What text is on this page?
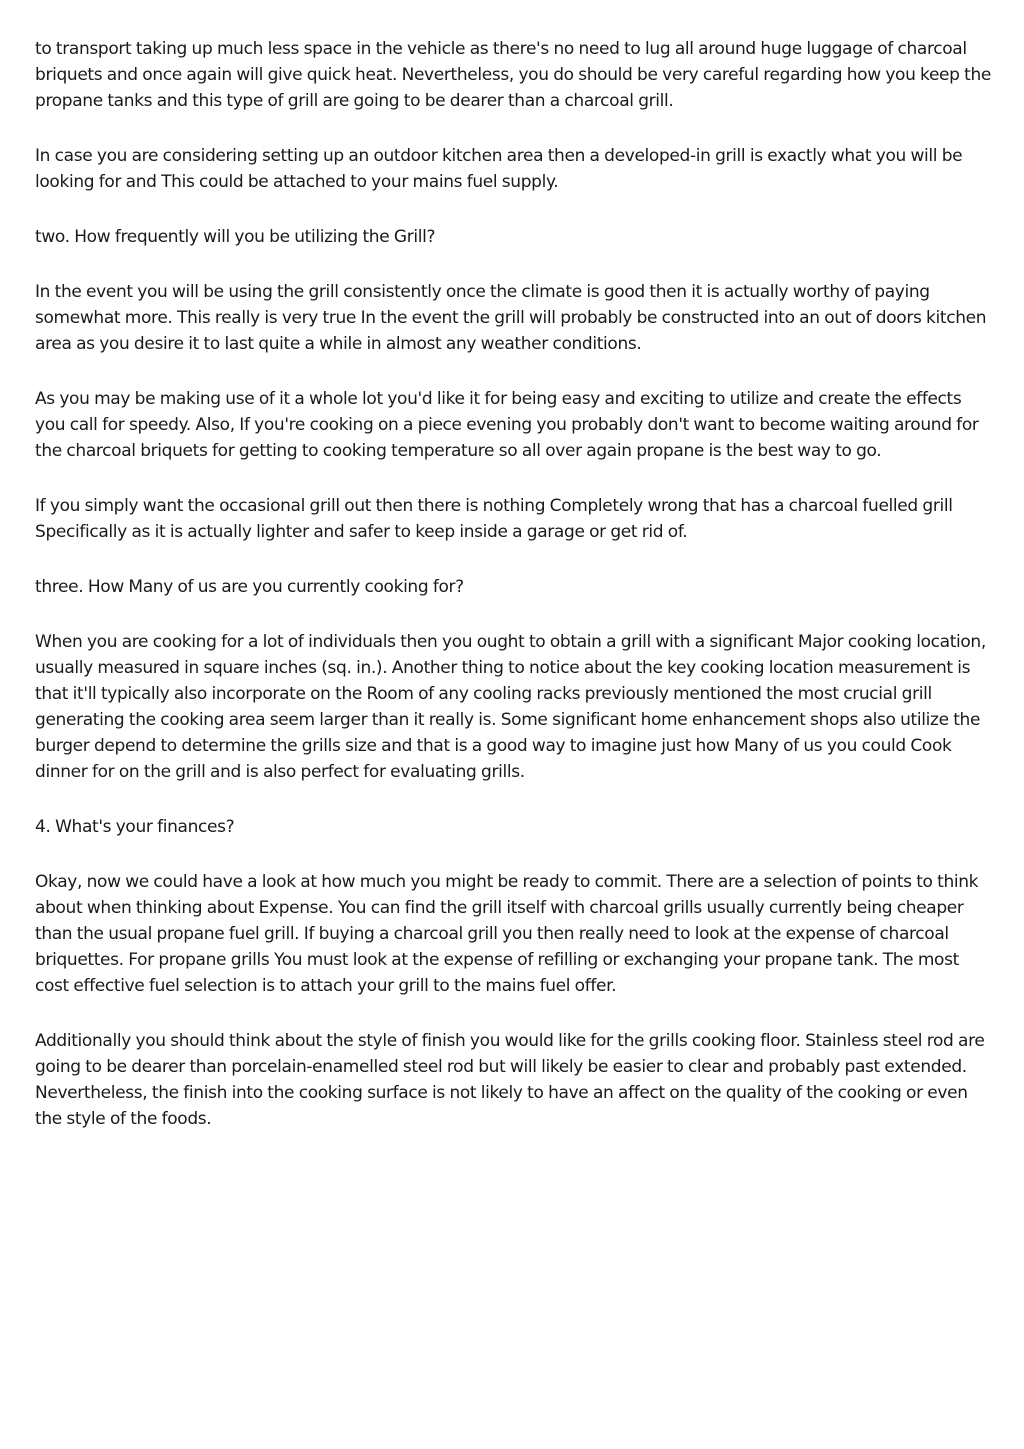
to transport taking up much less space in the vehicle as there's no need to lug all around huge luggage of charcoal briquets and once again will give quick heat. Nevertheless, you do should be very careful regarding how you keep the propane tanks and this type of grill are going to be dearer than a charcoal grill.

In case you are considering setting up an outdoor kitchen area then a developed-in grill is exactly what you will be looking for and This could be attached to your mains fuel supply.

two. How frequently will you be utilizing the Grill?

In the event you will be using the grill consistently once the climate is good then it is actually worthy of paying somewhat more. This really is very true In the event the grill will probably be constructed into an out of doors kitchen area as you desire it to last quite a while in almost any weather conditions.

As you may be making use of it a whole lot you'd like it for being easy and exciting to utilize and create the effects you call for speedy. Also, If you're cooking on a piece evening you probably don't want to become waiting around for the charcoal briquets for getting to cooking temperature so all over again propane is the best way to go.

If you simply want the occasional grill out then there is nothing Completely wrong that has a charcoal fuelled grill Specifically as it is actually lighter and safer to keep inside a garage or get rid of.

three. How Many of us are you currently cooking for?

When you are cooking for a lot of individuals then you ought to obtain a grill with a significant Major cooking location, usually measured in square inches (sq. in.). Another thing to notice about the key cooking location measurement is that it'll typically also incorporate on the Room of any cooling racks previously mentioned the most crucial grill generating the cooking area seem larger than it really is. Some significant home enhancement shops also utilize the burger depend to determine the grills size and that is a good way to imagine just how Many of us you could Cook dinner for on the grill and is also perfect for evaluating grills.

4. What's your finances?

Okay, now we could have a look at how much you might be ready to commit. There are a selection of points to think about when thinking about Expense. You can find the grill itself with charcoal grills usually currently being cheaper than the usual propane fuel grill. If buying a charcoal grill you then really need to look at the expense of charcoal briquettes. For propane grills You must look at the expense of refilling or exchanging your propane tank. The most cost effective fuel selection is to attach your grill to the mains fuel offer.

Additionally you should think about the style of finish you would like for the grills cooking floor. Stainless steel rod are going to be dearer than porcelain-enamelled steel rod but will likely be easier to clear and probably past extended. Nevertheless, the finish into the cooking surface is not likely to have an affect on the quality of the cooking or even the style of the foods.
